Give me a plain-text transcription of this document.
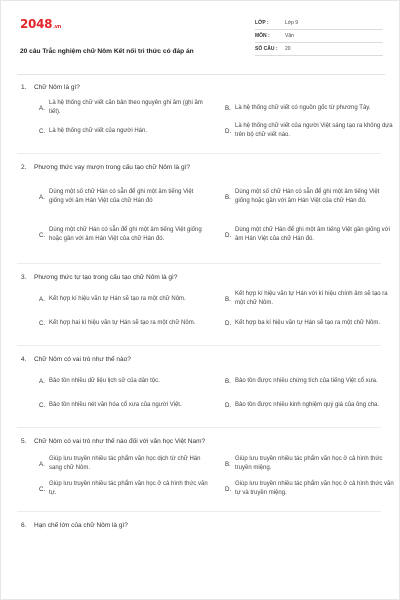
2048.vn
20 câu Trắc nghiệm chữ Nôm Kết nối tri thức có đáp án
LỚP :	Lớp 9
MÔN :	Văn
SỐ CÂU :	20
1. Chữ Nôm là gì?
A.
Là hệ thống chữ viết căn bản theo nguyên ghi âm (ghi âm tiết).
B. Là hệ thống chữ viết có nguồn gốc từ phương Tây.
C. Là hệ thống chữ viết của người Hán.	D.
Là hệ thống chữ viết của người Việt sáng tạo ra không dựa trên bộ chữ viết nào.
2. Phương thức vay mượn trong cấu tạo chữ Nôm là gì?
A.
Dùng một số chữ Hán có sẵn để ghi một âm tiếng Việt giống với âm Hán Việt của chữ Hán đó
B.
Dùng một số chữ Hán có sẵn để ghi một âm tiếng Việt giống hoặc gần với âm Hán Việt của chữ Hán đó.
C.
Dùng một chữ Hán có sẵn để ghi một âm tiếng Việt giống hoặc gần với âm Hán Việt của chữ Hán đó.
D.
Dùng một chữ Hán để ghi một âm tiếng Việt gần giống với âm Hán Việt của chữ Hán đó.
3. Phương thức tự tạo trong cấu tạo chữ Nôm là gì?
A. Kết hợp kí hiệu văn tự Hán sẽ tạo ra một chữ Nôm.	B.
Kết hợp kí hiệu văn tự Hán với kí hiệu chính âm sẽ tạo ra một chữ Nôm.
C. Kết hợp hai kí hiệu văn tự Hán sẽ tạo ra một chữ Nôm.	D. Kết hợp ba kí hiệu văn tự Hán sẽ tạo ra một chữ Nôm.
4. Chữ Nôm có vai trò như thế nào?
A. Bảo tồn nhiều dữ liệu lịch sử của dân tộc.	B. Bảo tồn được nhiều chứng tích của tiếng Việt cổ xưa.
C. Bảo tồn nhiều nét văn hóa cổ xưa của người Việt.	D. Bảo tồn được nhiều kinh nghiệm quý giá của ông cha.
5. Chữ Nôm có vai trò như thế nào đối với văn học Việt Nam?
A.
Giúp lưu truyền nhiều tác phẩm văn học dịch từ chữ Hán sang chữ Nôm.
B.
Giúp lưu truyền nhiều tác phẩm văn học ở cả hình thức truyền miệng.
C.
Giúp lưu truyền nhiều tác phẩm văn học ở cả hình thức văn tự.
D.
Giúp lưu truyền nhiều tác phẩm văn học ở cả hình thức văn tự và truyền miệng.
6. Hạn chế lớn của chữ Nôm là gì?
